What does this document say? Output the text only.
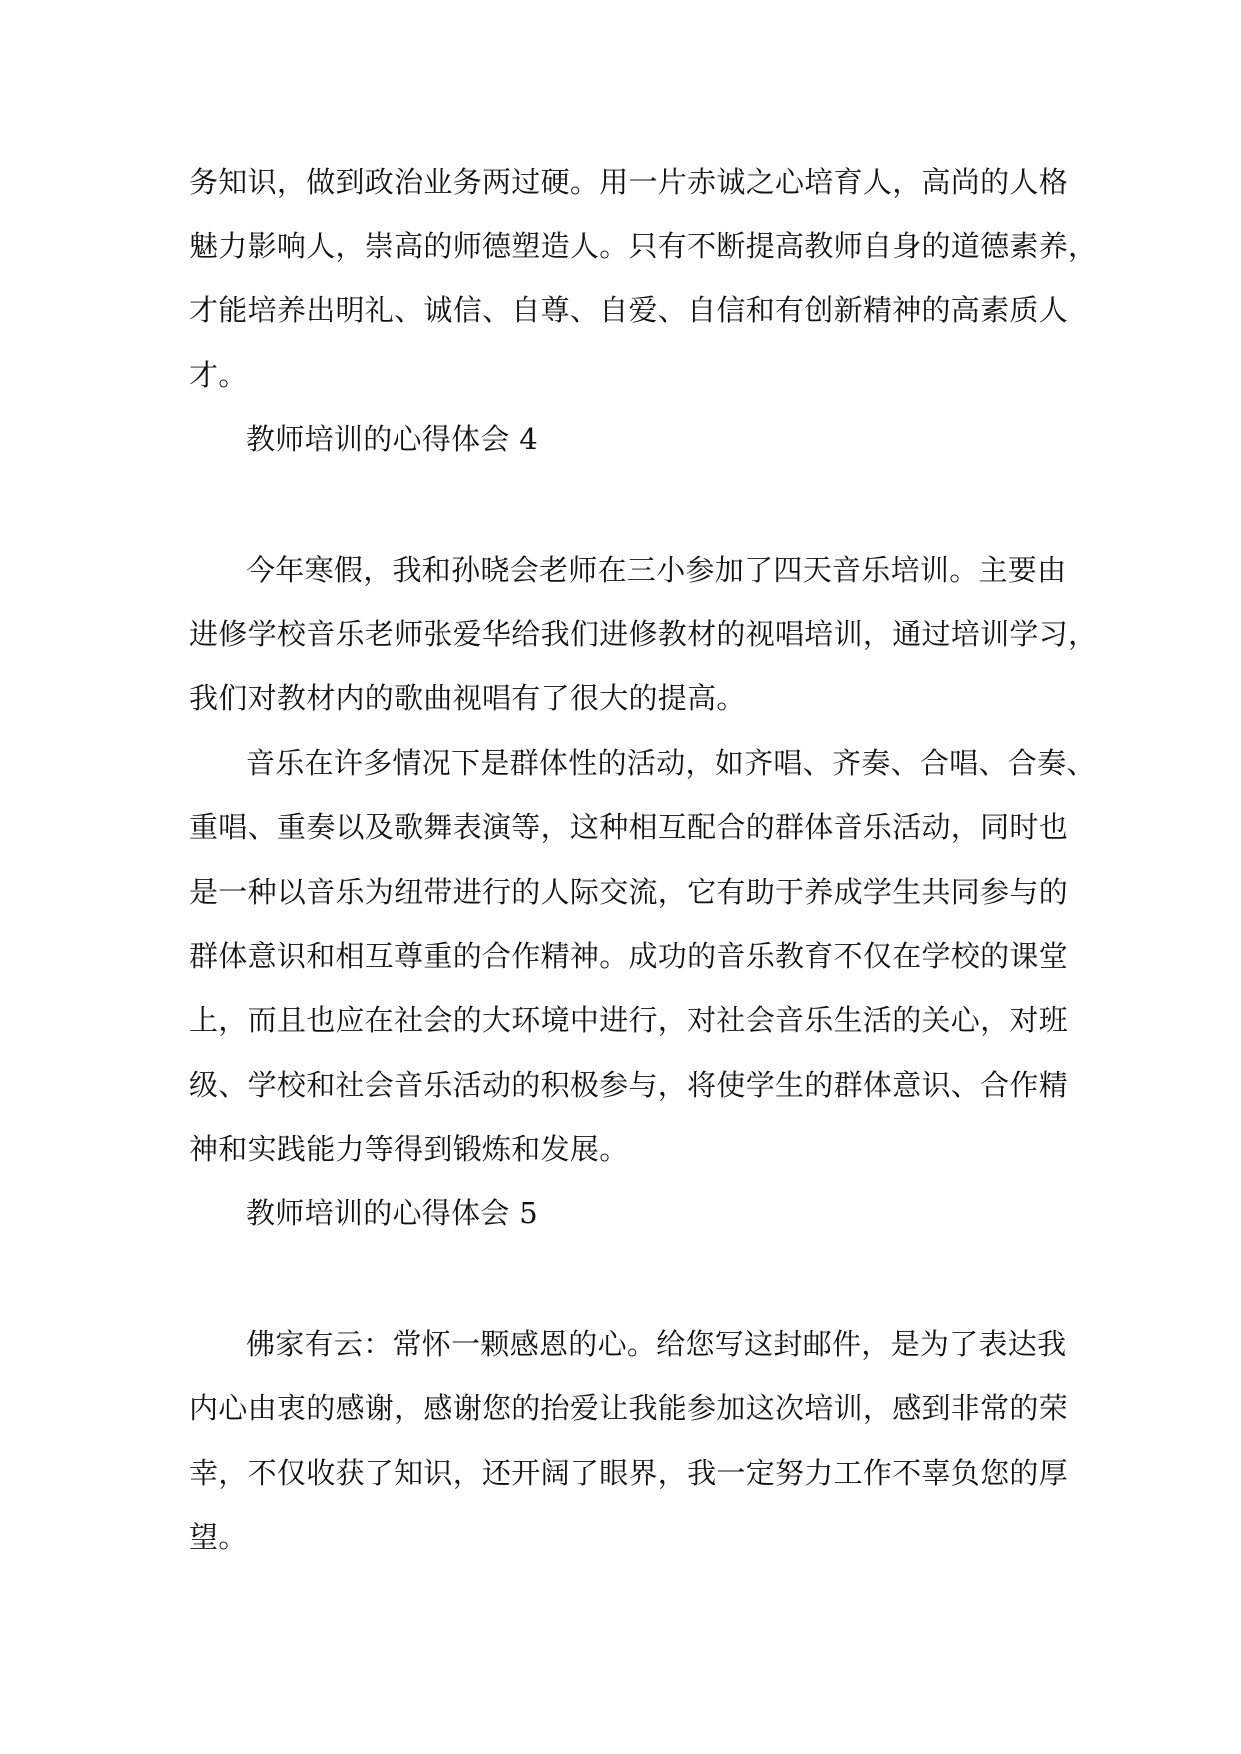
务知识，做到政治业务两过硬。用一片赤诚之心培育人，高尚的人格
魅力影响人，崇高的师德塑造人。只有不断提高教师自身的道德素养，
才能培养出明礼、诚信、自尊、自爱、自信和有创新精神的高素质人
才。
教师培训的心得体会 4
今年寒假，我和孙晓会老师在三小参加了四天音乐培训。主要由
进修学校音乐老师张爱华给我们进修教材的视唱培训，通过培训学习，
我们对教材内的歌曲视唱有了很大的提高。
音乐在许多情况下是群体性的活动，如齐唱、齐奏、合唱、合奏、
重唱、重奏以及歌舞表演等，这种相互配合的群体音乐活动，同时也
是一种以音乐为纽带进行的人际交流，它有助于养成学生共同参与的
群体意识和相互尊重的合作精神。成功的音乐教育不仅在学校的课堂
上，而且也应在社会的大环境中进行，对社会音乐生活的关心，对班
级、学校和社会音乐活动的积极参与，将使学生的群体意识、合作精
神和实践能力等得到锻炼和发展。
教师培训的心得体会 5
佛家有云：常怀一颗感恩的心。给您写这封邮件，是为了表达我
内心由衷的感谢，感谢您的抬爱让我能参加这次培训，感到非常的荣
幸，不仅收获了知识，还开阔了眼界，我一定努力工作不辜负您的厚
望。
